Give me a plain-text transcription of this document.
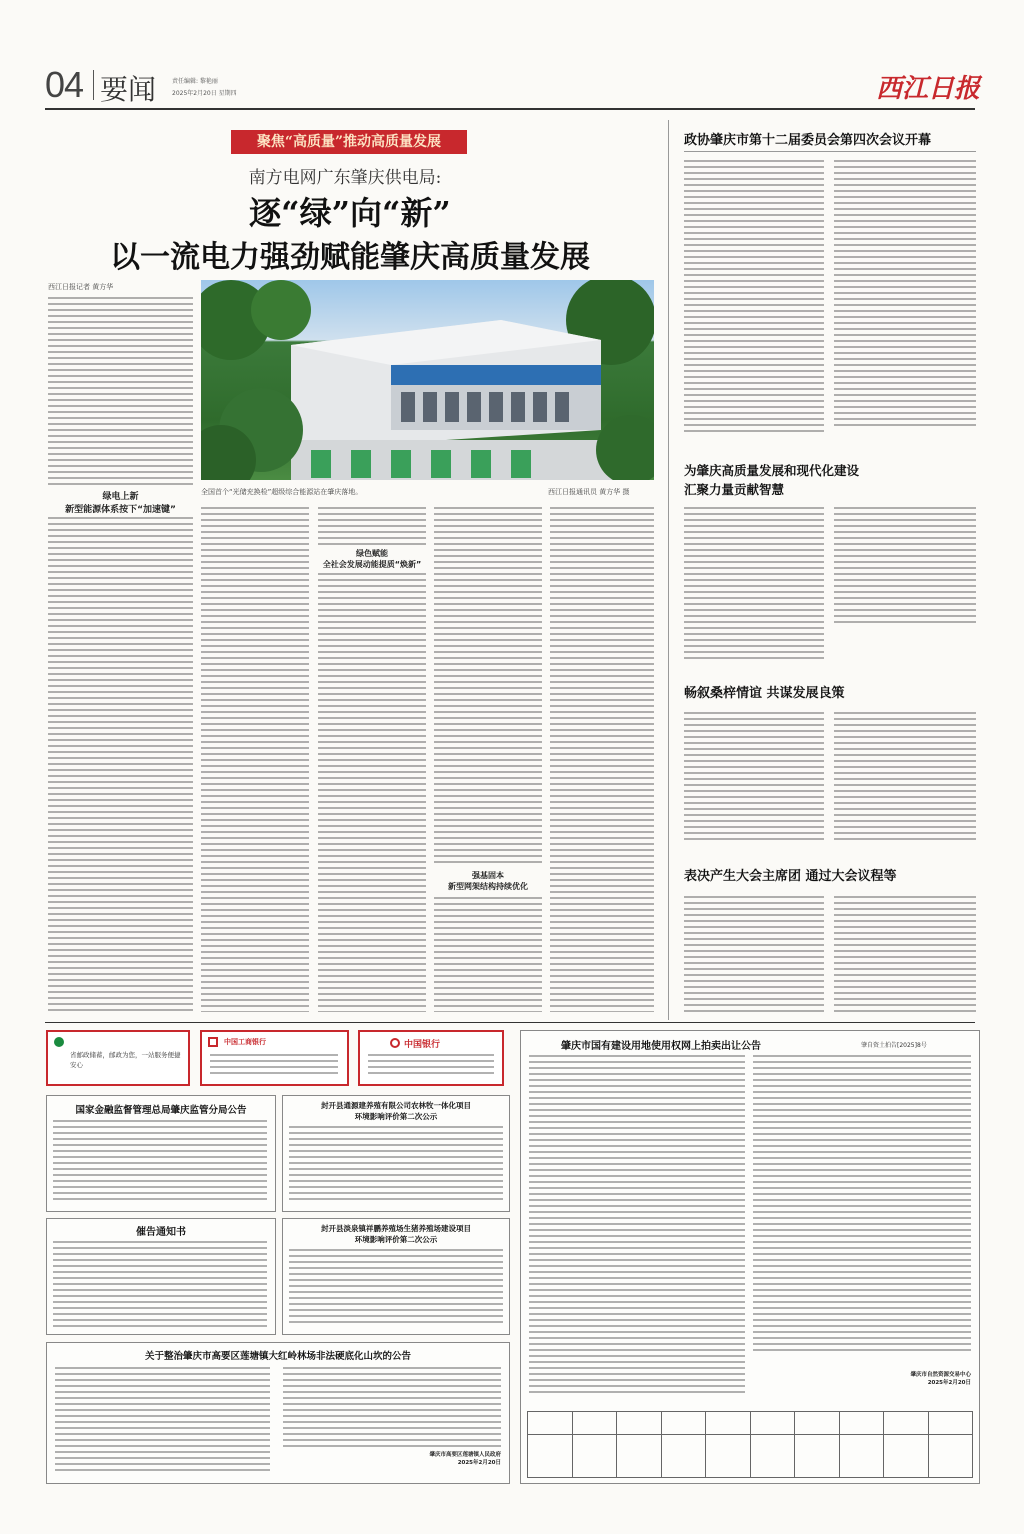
04 要闻	责任编辑: 黎艳丽
2025年2月20日 星期四	西江日报
聚焦“高质量”推动高质量发展
南方电网广东肇庆供电局:
逐“绿”向“新”
以一流电力强劲赋能肇庆高质量发展
西江日报记者 黄方华
绿电上新
新型能源体系按下“加速键”
全国首个“光储充换检”超级综合能源站在肇庆落地。	西江日报通讯员 黄方华 摄
绿色赋能
全社会发展动能提质“焕新”
强基固本
新型网架结构持续优化
政协肇庆市第十二届委员会第四次会议开幕
为肇庆高质量发展和现代化建设
汇聚力量贡献智慧
畅叙桑梓情谊 共谋发展良策
表决产生大会主席团 通过大会议程等
省邮政储蓄，邮政为您，一站服务便捷安心
中国工商银行	中国银行
国家金融监督管理总局肇庆监管分局公告	封开县通源建养殖有限公司农林牧一体化项目
环境影响评价第二次公示
催告通知书	封开县淡泉镇祥鹏养殖场生猪养殖场建设项目
环境影响评价第二次公示
关于整治肇庆市高要区莲塘镇大红岭林场非法硬底化山坎的公告
肇庆市高要区莲塘镇人民政府
2025年2月20日
肇庆市国有建设用地使用权网上拍卖出让公告	肇自资土拍告[2025]8号
肇庆市自然资源交易中心
2025年2月20日
